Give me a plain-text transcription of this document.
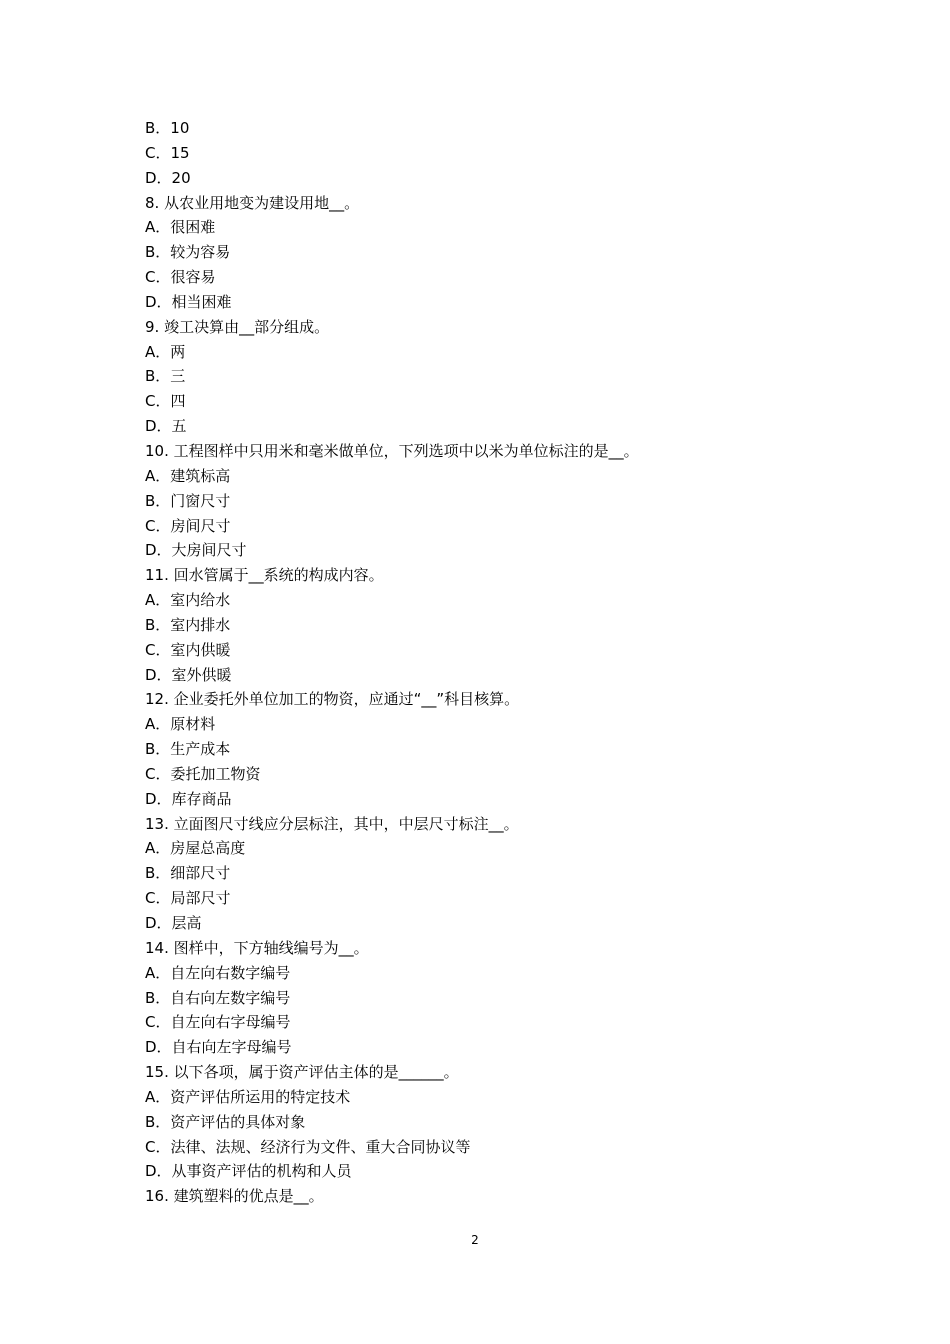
B．10
C．15
D．20
8. 从农业用地变为建设用地__。
A．很困难
B．较为容易
C．很容易
D．相当困难
9. 竣工决算由__部分组成。
A．两
B．三
C．四
D．五
10. 工程图样中只用米和毫米做单位，下列选项中以米为单位标注的是__。
A．建筑标高
B．门窗尺寸
C．房间尺寸
D．大房间尺寸
11. 回水管属于__系统的构成内容。
A．室内给水
B．室内排水
C．室内供暖
D．室外供暖
12. 企业委托外单位加工的物资，应通过“__”科目核算。
A．原材料
B．生产成本
C．委托加工物资
D．库存商品
13. 立面图尺寸线应分层标注，其中，中层尺寸标注__。
A．房屋总高度
B．细部尺寸
C．局部尺寸
D．层高
14. 图样中，下方轴线编号为__。
A．自左向右数字编号
B．自右向左数字编号
C．自左向右字母编号
D．自右向左字母编号
15. 以下各项，属于资产评估主体的是______。
A．资产评估所运用的特定技术
B．资产评估的具体对象
C．法律、法规、经济行为文件、重大合同协议等
D．从事资产评估的机构和人员
16. 建筑塑料的优点是__。
2
